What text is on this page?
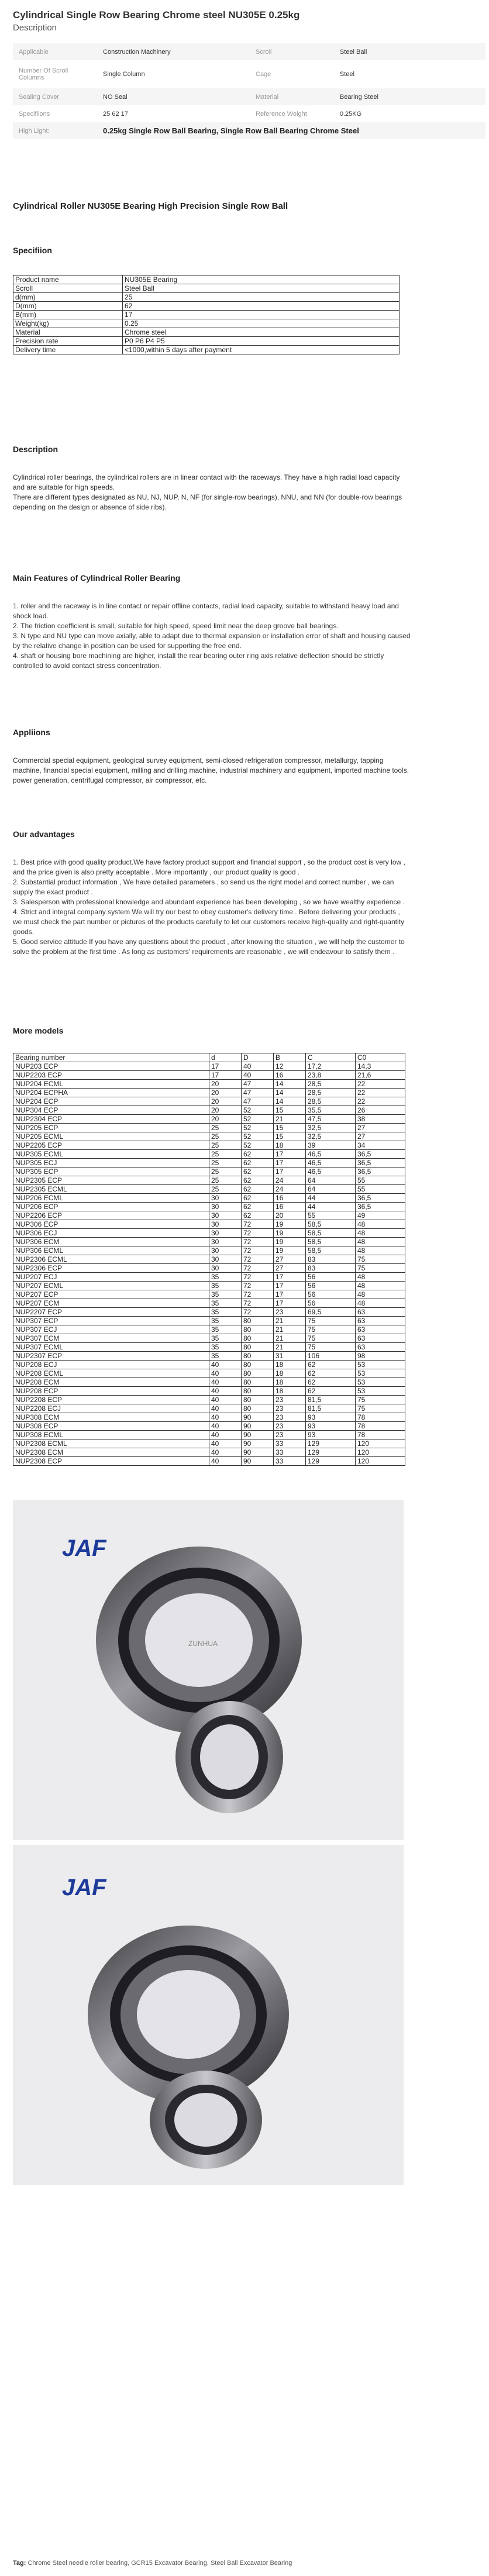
Cylindrical Single Row Bearing Chrome steel NU305E 0.25kg
Description
Applicable	Construction Machinery	Scroll	Steel Ball
Number Of Scroll Columns	Single Column	Cage	Steel
Sealing Cover	NO Seal	Material	Bearing Steel
Specifiions	25 62 17	Reference Weight	0.25KG
High Light:	0.25kg Single Row Ball Bearing, Single Row Ball Bearing Chrome Steel		
Cylindrical Roller NU305E Bearing High Precision Single Row Ball
Specifiion
Product name	NU305E Bearing
Scroll	Steel Ball
d(mm)	25
D(mm)	62
B(mm)	17
Weight(kg)	0.25
Material	Chrome steel
Precision rate	P0 P6 P4 P5
Delivery time	<1000,within 5 days after payment
Description
Cylindrical roller bearings, the cylindrical rollers are in linear contact with the raceways. They have a high radial load capacity
and are suitable for high speeds.
There are different types designated as NU, NJ, NUP, N, NF (for single-row bearings), NNU, and NN (for double-row bearings
depending on the design or absence of side ribs).
Main Features of Cylindrical Roller Bearing
1. roller and the raceway is in line contact or repair offline contacts, radial load capacity, suitable to withstand heavy load and
shock load.
2. The friction coefficient is small, suitable for high speed, speed limit near the deep groove ball bearings.
3. N type and NU type can move axially, able to adapt due to thermal expansion or installation error of shaft and housing caused
by the relative change in position can be used for supporting the free end.
4. shaft or housing bore machining are higher, install the rear bearing outer ring axis relative deflection should be strictly
controlled to avoid contact stress concentration.
Appliions
Commercial special equipment, geological survey equipment, semi-closed refrigeration compressor, metallurgy, tapping
machine, financial special equipment, milling and drilling machine, industrial machinery and equipment, imported machine tools,
power generation, centrifugal compressor, air compressor, etc.
Our advantages
1. Best price with good quality product.We have factory product support and financial support , so the product cost is very low ,
and the price given is also pretty acceptable . More importantly , our product quality is good .
2. Substantial product information , We have detailed parameters , so send us the right model and correct number , we can
supply the exact product .
3. Salesperson with professional knowledge and abundant experience has been developing , so we have wealthy experience .
4. Strict and integral company system We will try our best to obey customer's delivery time . Before delivering your products ,
we must check the part number or pictures of the products carefully to let our customers receive high-quality and right-quantity
goods.
5. Good service attitude If you have any questions about the product , after knowing the situation , we will help the customer to
solve the problem at the first time . As long as customers' requirements are reasonable , we will endeavour to satisfy them .
More models
Bearing number	d	D	B	C	C0
NUP203 ECP	17	40	12	17,2	14,3
NUP2203 ECP	17	40	16	23,8	21,6
NUP204 ECML	20	47	14	28,5	22
NUP204 ECPHA	20	47	14	28,5	22
NUP204 ECP	20	47	14	28,5	22
NUP304 ECP	20	52	15	35,5	26
NUP2304 ECP	20	52	21	47,5	38
NUP205 ECP	25	52	15	32,5	27
NUP205 ECML	25	52	15	32,5	27
NUP2205 ECP	25	52	18	39	34
NUP305 ECML	25	62	17	46,5	36,5
NUP305 ECJ	25	62	17	46,5	36,5
NUP305 ECP	25	62	17	46,5	36,5
NUP2305 ECP	25	62	24	64	55
NUP2305 ECML	25	62	24	64	55
NUP206 ECML	30	62	16	44	36,5
NUP206 ECP	30	62	16	44	36,5
NUP2206 ECP	30	62	20	55	49
NUP306 ECP	30	72	19	58,5	48
NUP306 ECJ	30	72	19	58,5	48
NUP306 ECM	30	72	19	58,5	48
NUP306 ECML	30	72	19	58,5	48
NUP2306 ECML	30	72	27	83	75
NUP2306 ECP	30	72	27	83	75
NUP207 ECJ	35	72	17	56	48
NUP207 ECML	35	72	17	56	48
NUP207 ECP	35	72	17	56	48
NUP207 ECM	35	72	17	56	48
NUP2207 ECP	35	72	23	69,5	63
NUP307 ECP	35	80	21	75	63
NUP307 ECJ	35	80	21	75	63
NUP307 ECM	35	80	21	75	63
NUP307 ECML	35	80	21	75	63
NUP2307 ECP	35	80	31	106	98
NUP208 ECJ	40	80	18	62	53
NUP208 ECML	40	80	18	62	53
NUP208 ECM	40	80	18	62	53
NUP208 ECP	40	80	18	62	53
NUP2208 ECP	40	80	23	81,5	75
NUP2208 ECJ	40	80	23	81,5	75
NUP308 ECM	40	90	23	93	78
NUP308 ECP	40	90	23	93	78
NUP308 ECML	40	90	23	93	78
NUP2308 ECML	40	90	33	129	120
NUP2308 ECM	40	90	33	129	120
NUP2308 ECP	40	90	33	129	120
JAF
ZUNHUA
JAF
Tag: Chrome Steel needle roller bearing, GCR15 Excavator Bearing, Steel Ball Excavator Bearing
